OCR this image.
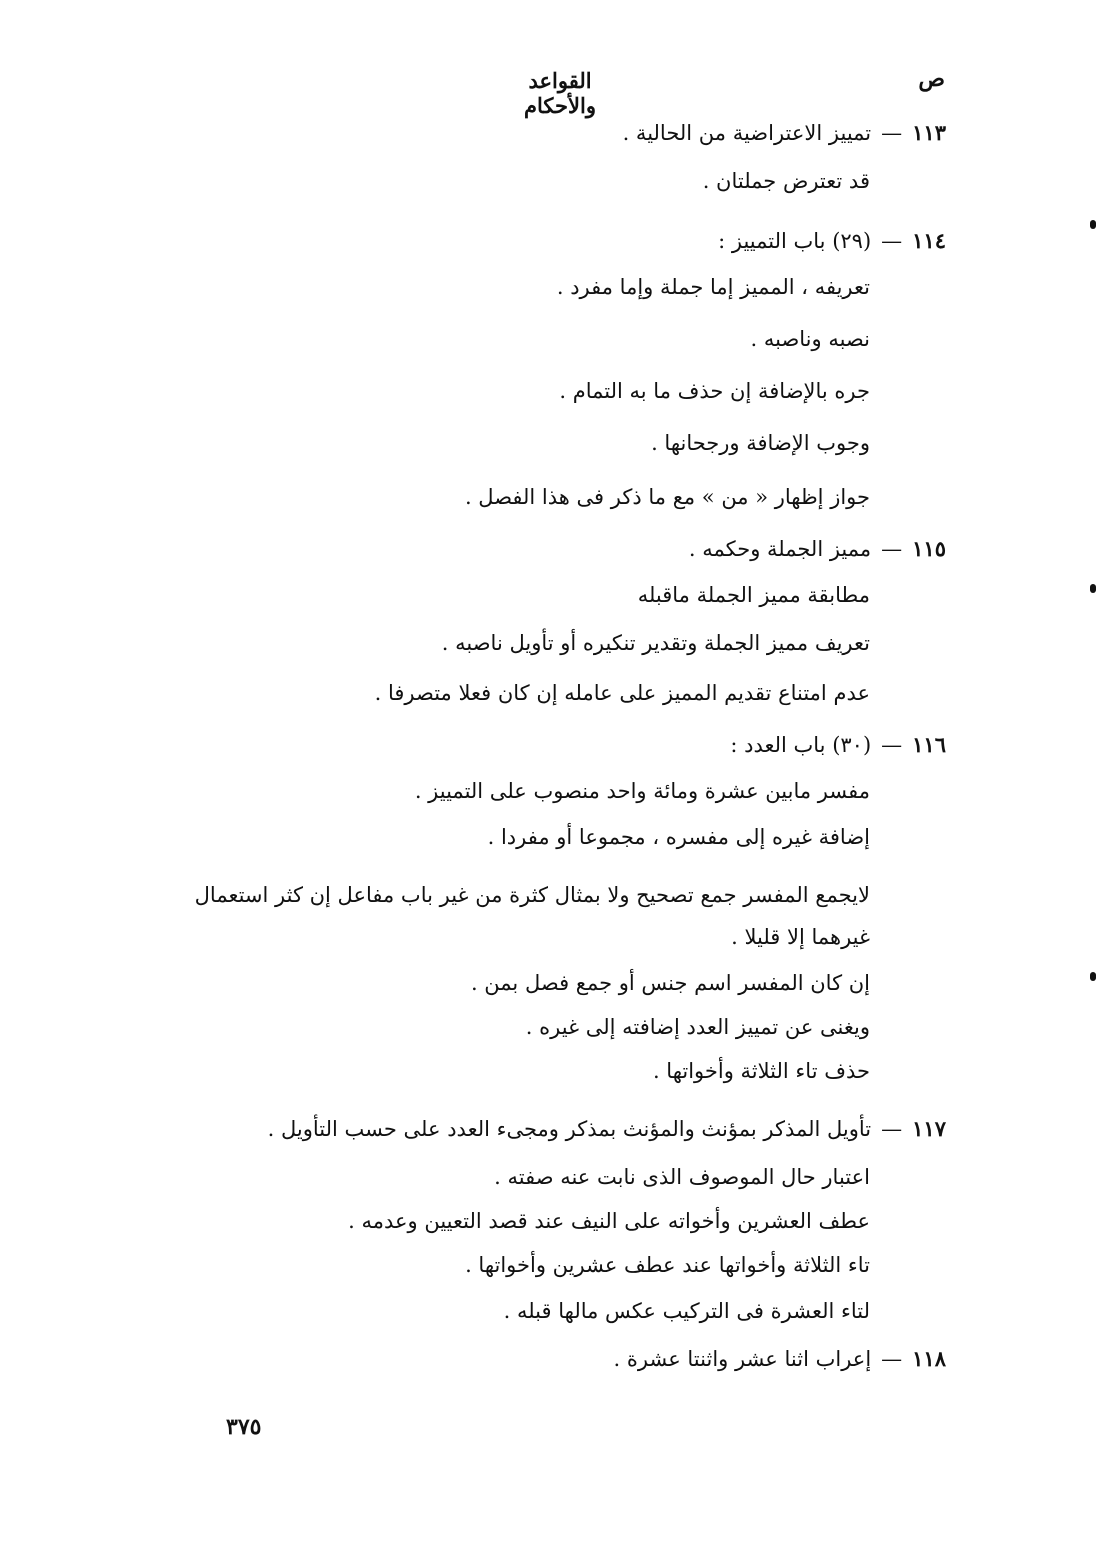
القواعد والأحكام
ص
١١٣—تمييز الاعتراضية من الحالية .
قد تعترض جملتان .
١١٤—(٢٩) باب التمييز :
تعريفه ، المميز إما جملة وإما مفرد .
نصبه وناصبه .
جره بالإضافة إن حذف ما به التمام .
وجوب الإضافة ورجحانها .
جواز إظهار « من » مع ما ذكر فى هذا الفصل .
١١٥—مميز الجملة وحكمه .
مطابقة مميز الجملة ماقبله
تعريف مميز الجملة وتقدير تنكيره أو تأويل ناصبه .
عدم امتناع تقديم المميز على عامله إن كان فعلا متصرفا .
١١٦—(٣٠) باب العدد :
مفسر مابين عشرة ومائة واحد منصوب على التمييز .
إضافة غيره إلى مفسره ، مجموعا أو مفردا .
لايجمع المفسر جمع تصحيح ولا بمثال كثرة من غير باب مفاعل إن كثر استعمال
غيرهما إلا قليلا .
إن كان المفسر اسم جنس أو جمع فصل بمن .
ويغنى عن تمييز العدد إضافته إلى غيره .
حذف تاء الثلاثة وأخواتها .
١١٧—تأويل المذكر بمؤنث والمؤنث بمذكر ومجىء العدد على حسب التأويل .
اعتبار حال الموصوف الذى نابت عنه صفته .
عطف العشرين وأخواته على النيف عند قصد التعيين وعدمه .
تاء الثلاثة وأخواتها عند عطف عشرين وأخواتها .
لتاء العشرة فى التركيب عكس مالها قبله .
١١٨—إعراب اثنا عشر واثنتا عشرة .
٣٧٥
